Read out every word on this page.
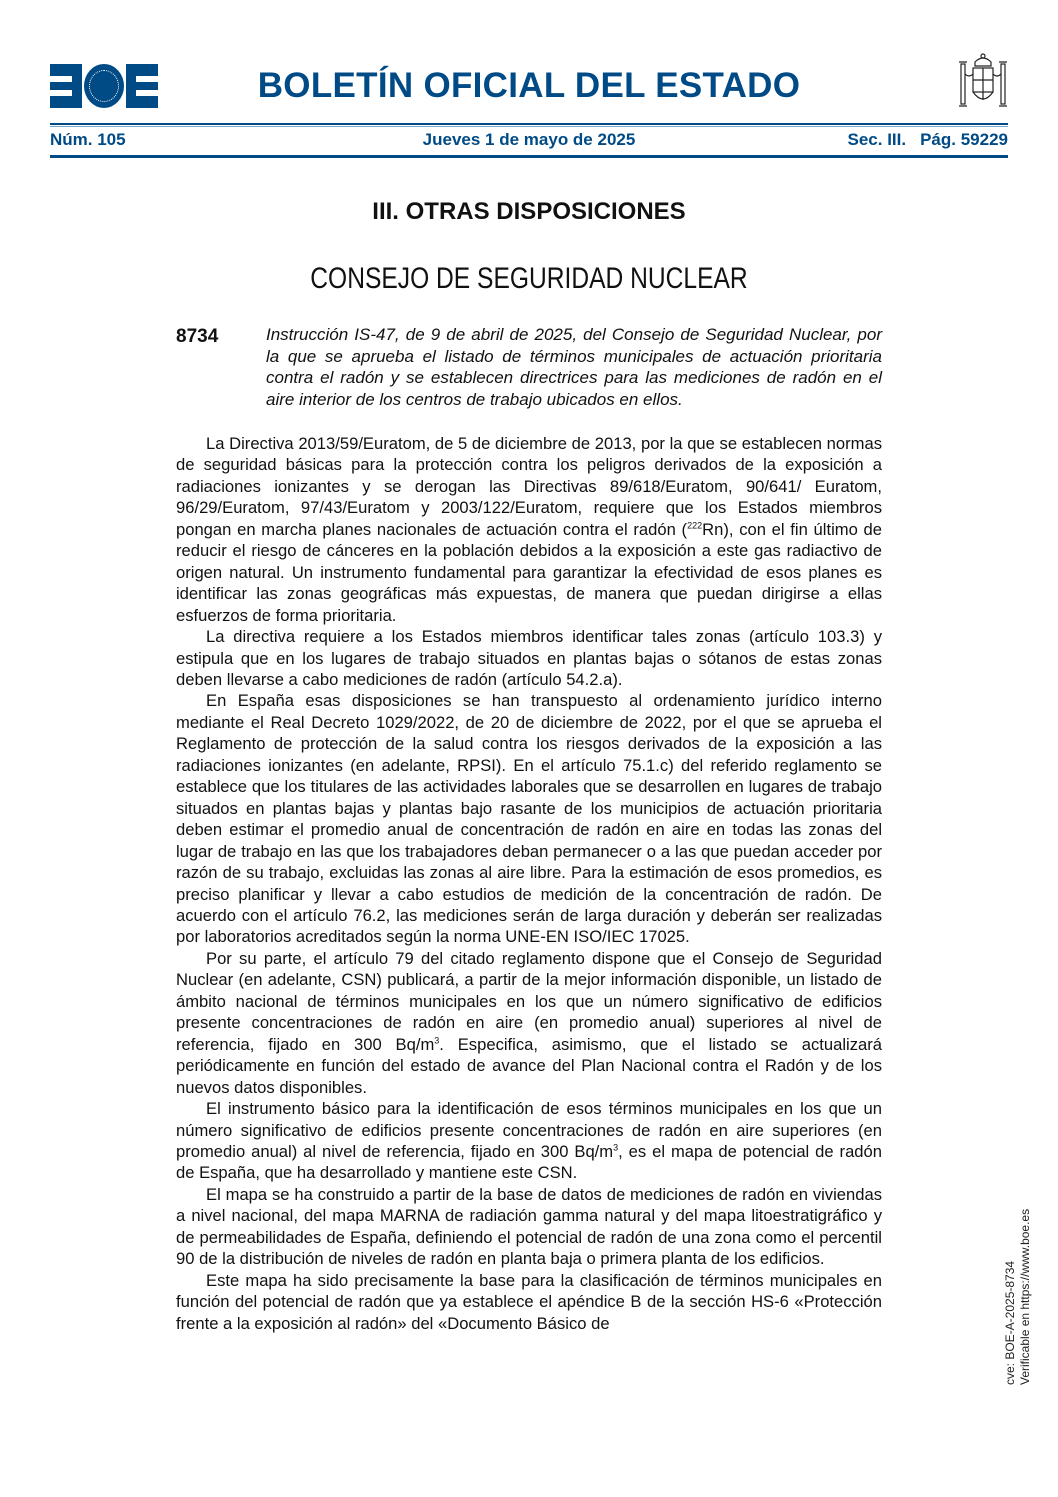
BOLETÍN OFICIAL DEL ESTADO
Núm. 105	Jueves 1 de mayo de 2025	Sec. III. Pág. 59229
III. OTRAS DISPOSICIONES
CONSEJO DE SEGURIDAD NUCLEAR
8734	Instrucción IS-47, de 9 de abril de 2025, del Consejo de Seguridad Nuclear, por la que se aprueba el listado de términos municipales de actuación prioritaria contra el radón y se establecen directrices para las mediciones de radón en el aire interior de los centros de trabajo ubicados en ellos.

La Directiva 2013/59/Euratom, de 5 de diciembre de 2013, por la que se establecen normas de seguridad básicas para la protección contra los peligros derivados de la exposición a radiaciones ionizantes y se derogan las Directivas 89/618/Euratom, 90/641/ Euratom, 96/29/Euratom, 97/43/Euratom y 2003/122/Euratom, requiere que los Estados miembros pongan en marcha planes nacionales de actuación contra el radón ($^{222}$Rn), con el fin último de reducir el riesgo de cánceres en la población debidos a la exposición a este gas radiactivo de origen natural. Un instrumento fundamental para garantizar la efectividad de esos planes es identificar las zonas geográficas más expuestas, de manera que puedan dirigirse a ellas esfuerzos de forma prioritaria.

La directiva requiere a los Estados miembros identificar tales zonas (artículo 103.3) y estipula que en los lugares de trabajo situados en plantas bajas o sótanos de estas zonas deben llevarse a cabo mediciones de radón (artículo 54.2.a).

En España esas disposiciones se han transpuesto al ordenamiento jurídico interno mediante el Real Decreto 1029/2022, de 20 de diciembre de 2022, por el que se aprueba el Reglamento de protección de la salud contra los riesgos derivados de la exposición a las radiaciones ionizantes (en adelante, RPSI). En el artículo 75.1.c) del referido reglamento se establece que los titulares de las actividades laborales que se desarrollen en lugares de trabajo situados en plantas bajas y plantas bajo rasante de los municipios de actuación prioritaria deben estimar el promedio anual de concentración de radón en aire en todas las zonas del lugar de trabajo en las que los trabajadores deban permanecer o a las que puedan acceder por razón de su trabajo, excluidas las zonas al aire libre. Para la estimación de esos promedios, es preciso planificar y llevar a cabo estudios de medición de la concentración de radón. De acuerdo con el artículo 76.2, las mediciones serán de larga duración y deberán ser realizadas por laboratorios acreditados según la norma UNE-EN ISO/IEC 17025.

Por su parte, el artículo 79 del citado reglamento dispone que el Consejo de Seguridad Nuclear (en adelante, CSN) publicará, a partir de la mejor información disponible, un listado de ámbito nacional de términos municipales en los que un número significativo de edificios presente concentraciones de radón en aire (en promedio anual) superiores al nivel de referencia, fijado en 300 $Bq/m^3$. Especifica, asimismo, que el listado se actualizará periódicamente en función del estado de avance del Plan Nacional contra el Radón y de los nuevos datos disponibles.

El instrumento básico para la identificación de esos términos municipales en los que un número significativo de edificios presente concentraciones de radón en aire superiores (en promedio anual) al nivel de referencia, fijado en 300 $Bq/m^3$, es el mapa de potencial de radón de España, que ha desarrollado y mantiene este CSN.

El mapa se ha construido a partir de la base de datos de mediciones de radón en viviendas a nivel nacional, del mapa MARNA de radiación gamma natural y del mapa litoestratigráfico y de permeabilidades de España, definiendo el potencial de radón de una zona como el percentil 90 de la distribución de niveles de radón en planta baja o primera planta de los edificios.

Este mapa ha sido precisamente la base para la clasificación de términos municipales en función del potencial de radón que ya establece el apéndice B de la sección HS-6 «Protección frente a la exposición al radón» del «Documento Básico de	cve: BOE-A-2025-8734 Verificable en https://www.boe.es
